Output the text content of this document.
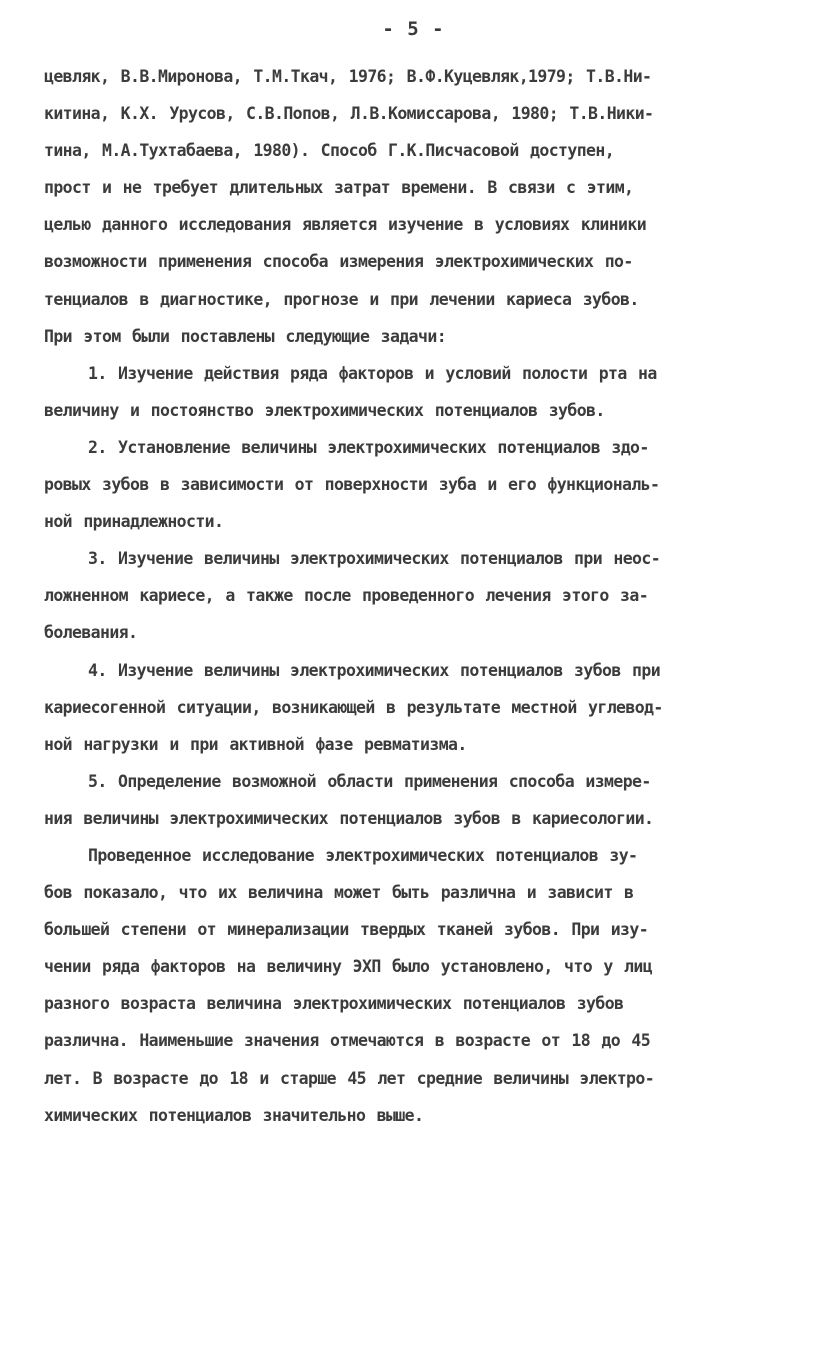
- 5 -
цевляк, В.В.Миронова, Т.М.Ткач, 1976; В.Ф.Куцевляк,1979; Т.В.Ни-
китина, К.Х. Урусов, С.В.Попов, Л.В.Комиссарова, 1980; Т.В.Ники-
тина, М.А.Тухтабаева, 1980). Способ Г.К.Писчасовой доступен,
прост и не требует длительных затрат времени. В связи с этим,
целью данного исследования является изучение в условиях клиники
возможности применения способа измерения электрохимических по-
тенциалов в диагностике, прогнозе и при лечении кариеса зубов.
При этом были поставлены следующие задачи:
1. Изучение действия ряда факторов и условий полости рта на
величину и постоянство электрохимических потенциалов зубов.
2. Установление величины электрохимических потенциалов здо-
ровых зубов в зависимости от поверхности зуба и его функциональ-
ной принадлежности.
3. Изучение величины электрохимических потенциалов при неос-
ложненном кариесе, а также после проведенного лечения этого за-
болевания.
4. Изучение величины электрохимических потенциалов зубов при
кариесогенной ситуации, возникающей в результате местной углевод-
ной нагрузки и при активной фазе ревматизма.
5. Определение возможной области применения способа измере-
ния величины электрохимических потенциалов зубов в кариесологии.
Проведенное исследование электрохимических потенциалов зу-
бов показало, что их величина может быть различна и зависит в
большей степени от минерализации твердых тканей зубов. При изу-
чении ряда факторов на величину ЭХП было установлено, что у лиц
разного возраста величина электрохимических потенциалов зубов
различна. Наименьшие значения отмечаются в возрасте от 18 до 45
лет. В возрасте до 18 и старше 45 лет средние величины электро-
химических потенциалов значительно выше.
